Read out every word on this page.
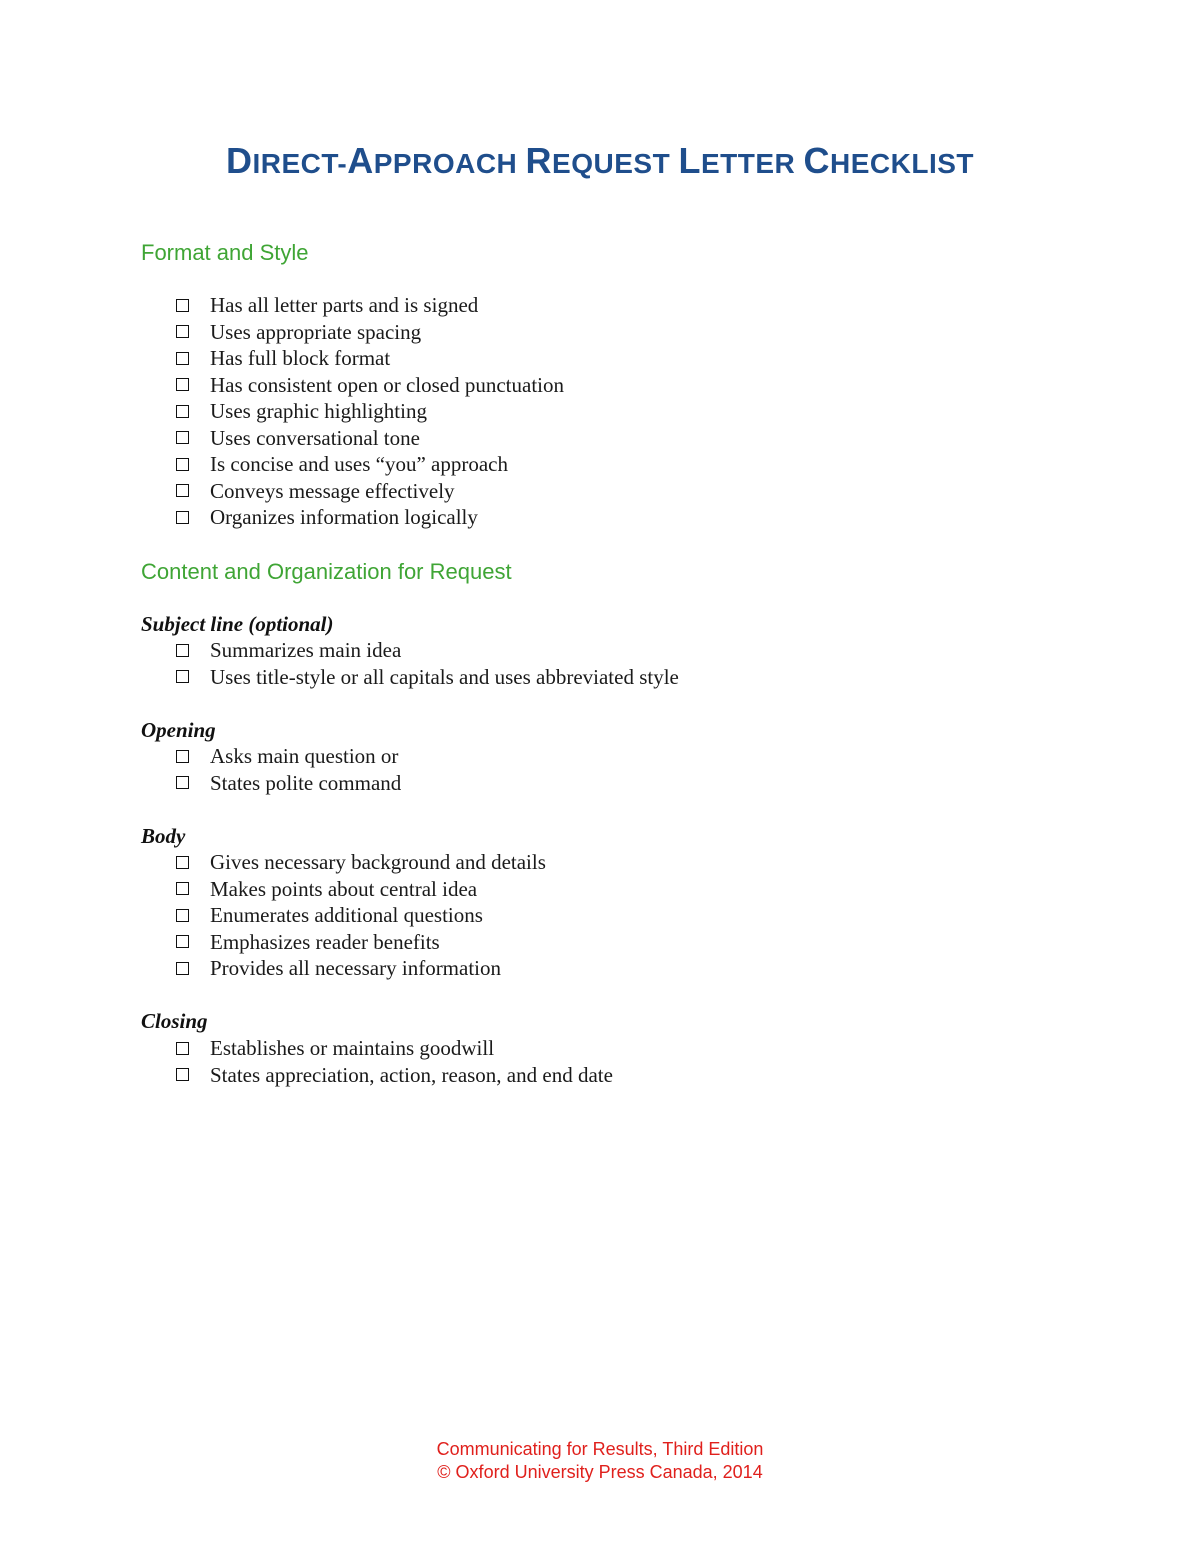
DIRECT-APPROACH REQUEST LETTER CHECKLIST
Format and Style
Has all letter parts and is signed
Uses appropriate spacing
Has full block format
Has consistent open or closed punctuation
Uses graphic highlighting
Uses conversational tone
Is concise and uses “you” approach
Conveys message effectively
Organizes information logically
Content and Organization for Request
Subject line (optional)
Summarizes main idea
Uses title-style or all capitals and uses abbreviated style
Opening
Asks main question or
States polite command
Body
Gives necessary background and details
Makes points about central idea
Enumerates additional questions
Emphasizes reader benefits
Provides all necessary information
Closing
Establishes or maintains goodwill
States appreciation, action, reason, and end date
Communicating for Results, Third Edition
© Oxford University Press Canada, 2014
